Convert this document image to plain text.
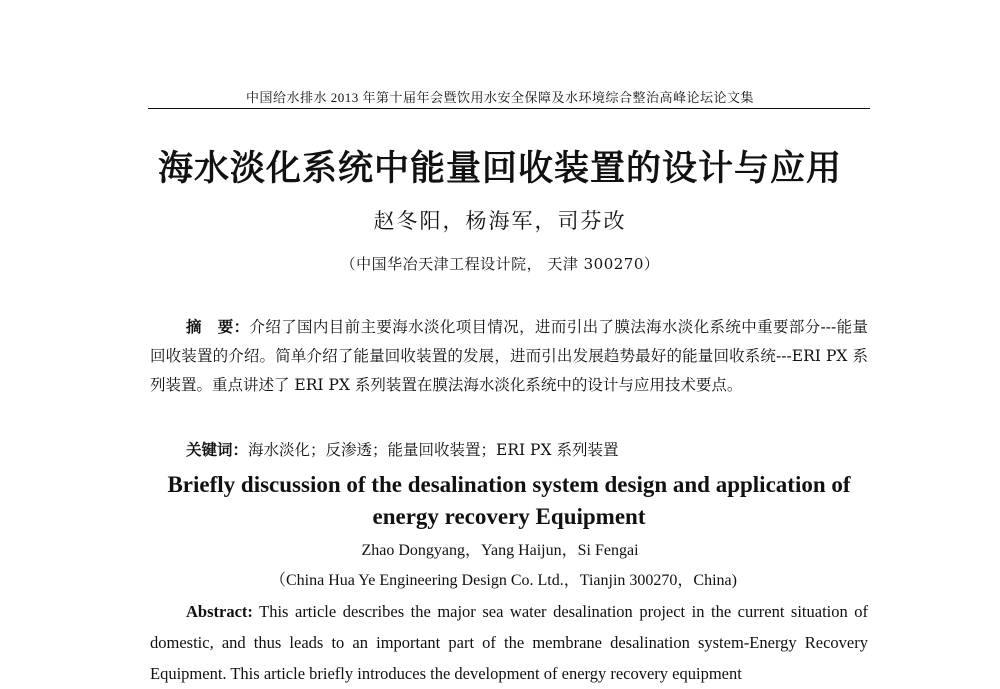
中国给水排水 2013 年第十届年会暨饮用水安全保障及水环境综合整治高峰论坛论文集
海水淡化系统中能量回收装置的设计与应用
赵冬阳，杨海军，司芬改
（中国华冶天津工程设计院， 天津 300270）
摘　要：介绍了国内目前主要海水淡化项目情况，进而引出了膜法海水淡化系统中重要部分---能量回收装置的介绍。简单介绍了能量回收装置的发展，进而引出发展趋势最好的能量回收系统---ERI PX 系列装置。重点讲述了 ERI PX 系列装置在膜法海水淡化系统中的设计与应用技术要点。
关键词：海水淡化；反渗透；能量回收装置；ERI PX 系列装置
Briefly discussion of the desalination system design and application of energy recovery Equipment
Zhao Dongyang，Yang Haijun，Si Fengai
（China Hua Ye Engineering Design Co. Ltd.，Tianjin 300270，China)
Abstract: This article describes the major sea water desalination project in the current situation of domestic, and thus leads to an important part of the membrane desalination system-Energy Recovery Equipment. This article briefly introduces the development of energy recovery equipment
